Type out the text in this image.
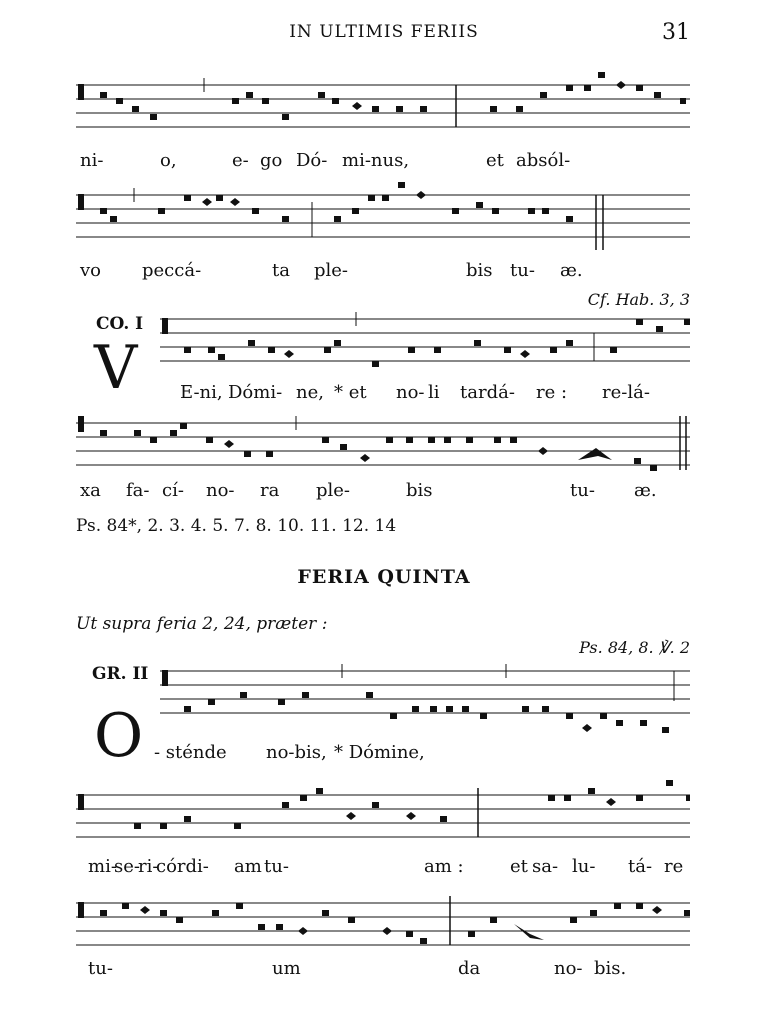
IN ULTIMIS FERIIS	31
ni-	o,	e- go Dó- mi-nus,	et absól-
vo peccá-	ta ple-	bis tu- æ.
Cf. Hab. 3, 3
CO. I
V E-ni, Dómi- ne, * et no- li tardá- re : re-lá-
xa fa- cí- no- ra ple-	bis	tu- æ.
Ps. 84*, 2. 3. 4. 5. 7. 8. 10. 11. 12. 14
FERIA QUINTA
Ut supra feria 2, 24, prӕter :
Ps. 84, 8. ℣. 2
GR. II
O - sténde no-bis, * Dómine,
mi-
se-
ri-
córdi- am tu-	am :	et sa- lu- tá- re
tu-	um	da	no- bis.
